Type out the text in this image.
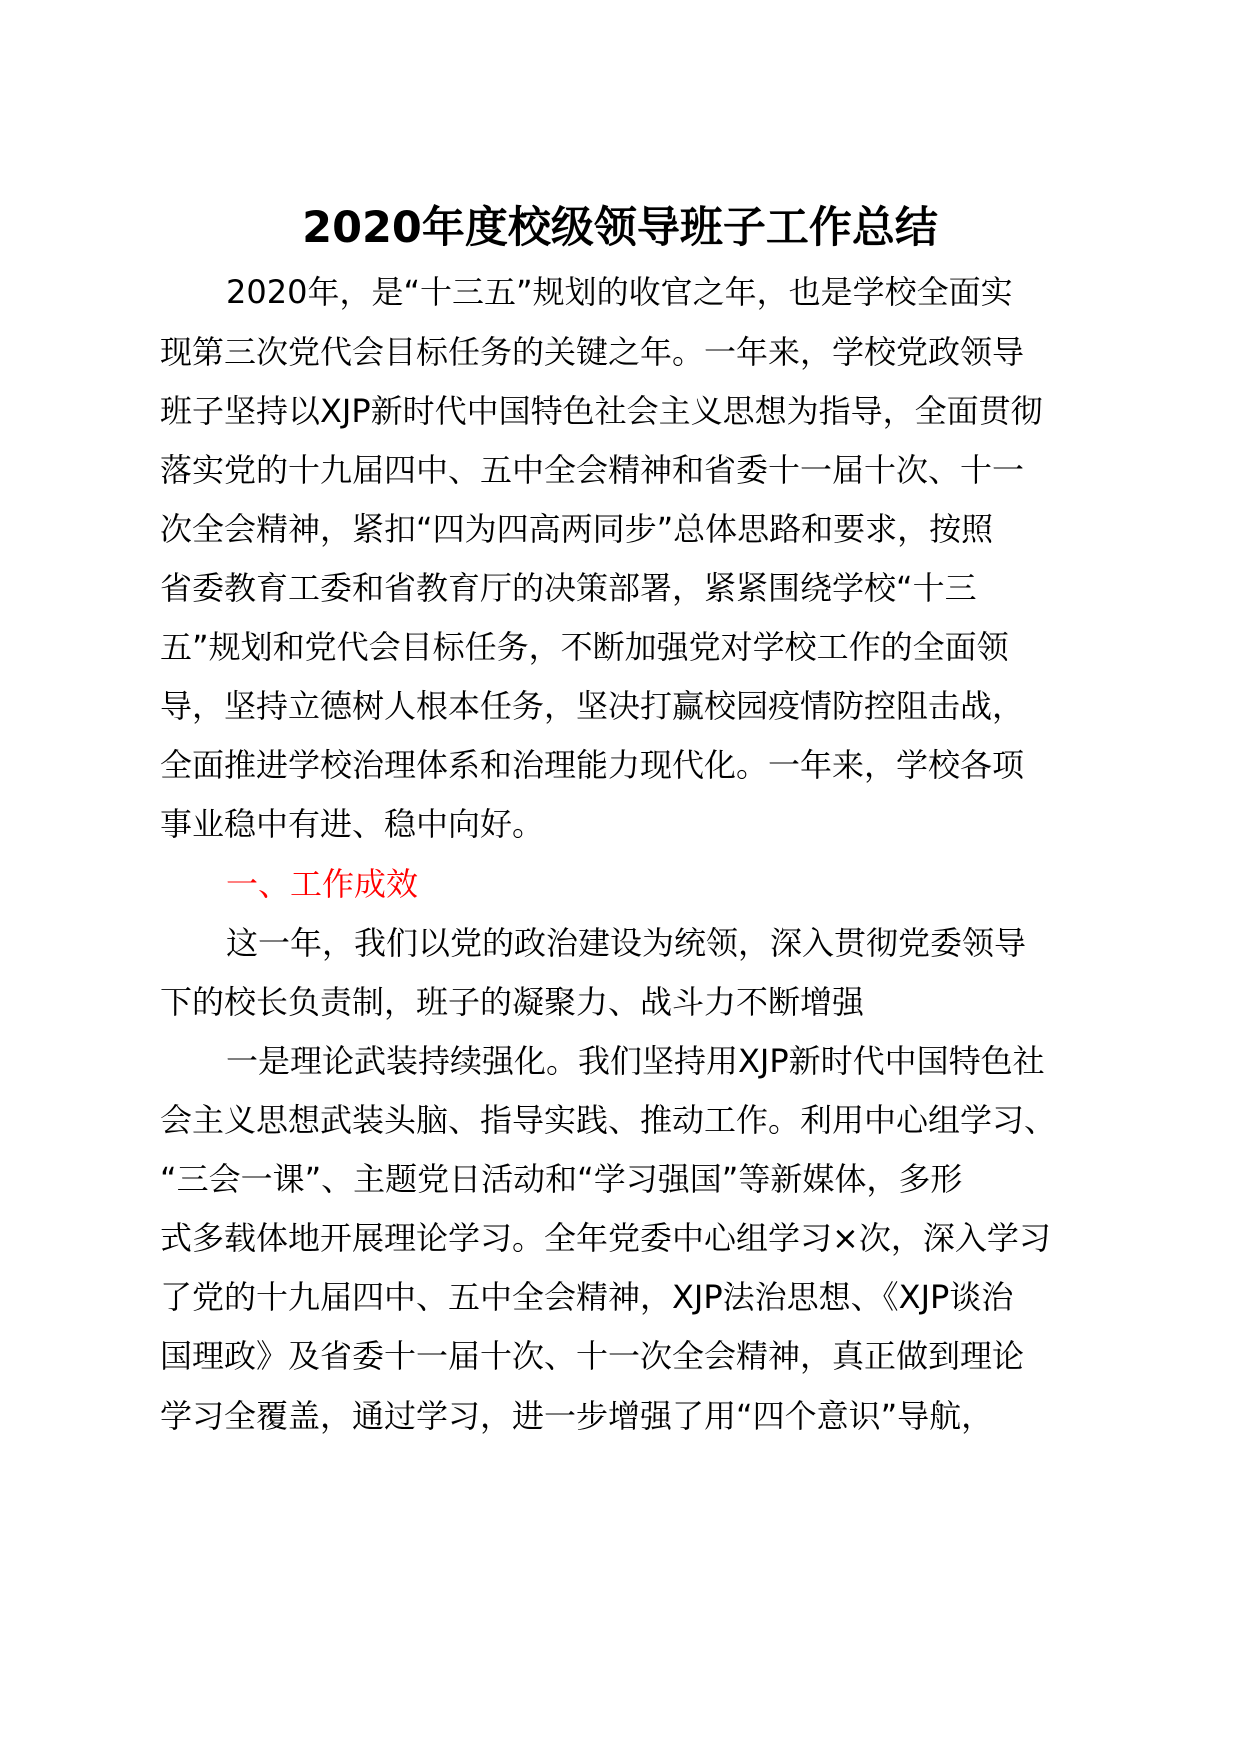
2020年度校级领导班子工作总结

2020年，是“十三五”规划的收官之年，也是学校全面实

现第三次党代会目标任务的关键之年。一年来，学校党政领导

班子坚持以XJP新时代中国特色社会主义思想为指导，全面贯彻

落实党的十九届四中、五中全会精神和省委十一届十次、十一

次全会精神，紧扣“四为四高两同步”总体思路和要求，按照

省委教育工委和省教育厅的决策部署，紧紧围绕学校“十三

五”规划和党代会目标任务，不断加强党对学校工作的全面领

导，坚持立德树人根本任务，坚决打赢校园疫情防控阻击战，

全面推进学校治理体系和治理能力现代化。一年来，学校各项

事业稳中有进、稳中向好。

一、工作成效

这一年，我们以党的政治建设为统领，深入贯彻党委领导

下的校长负责制，班子的凝聚力、战斗力不断增强

一是理论武装持续强化。我们坚持用XJP新时代中国特色社

会主义思想武装头脑、指导实践、推动工作。利用中心组学习、

“三会一课”、主题党日活动和“学习强国”等新媒体，多形

式多载体地开展理论学习。全年党委中心组学习×次，深入学习

了党的十九届四中、五中全会精神，XJP法治思想、《XJP谈治

国理政》及省委十一届十次、十一次全会精神，真正做到理论

学习全覆盖，通过学习，进一步增强了用“四个意识”导航，
